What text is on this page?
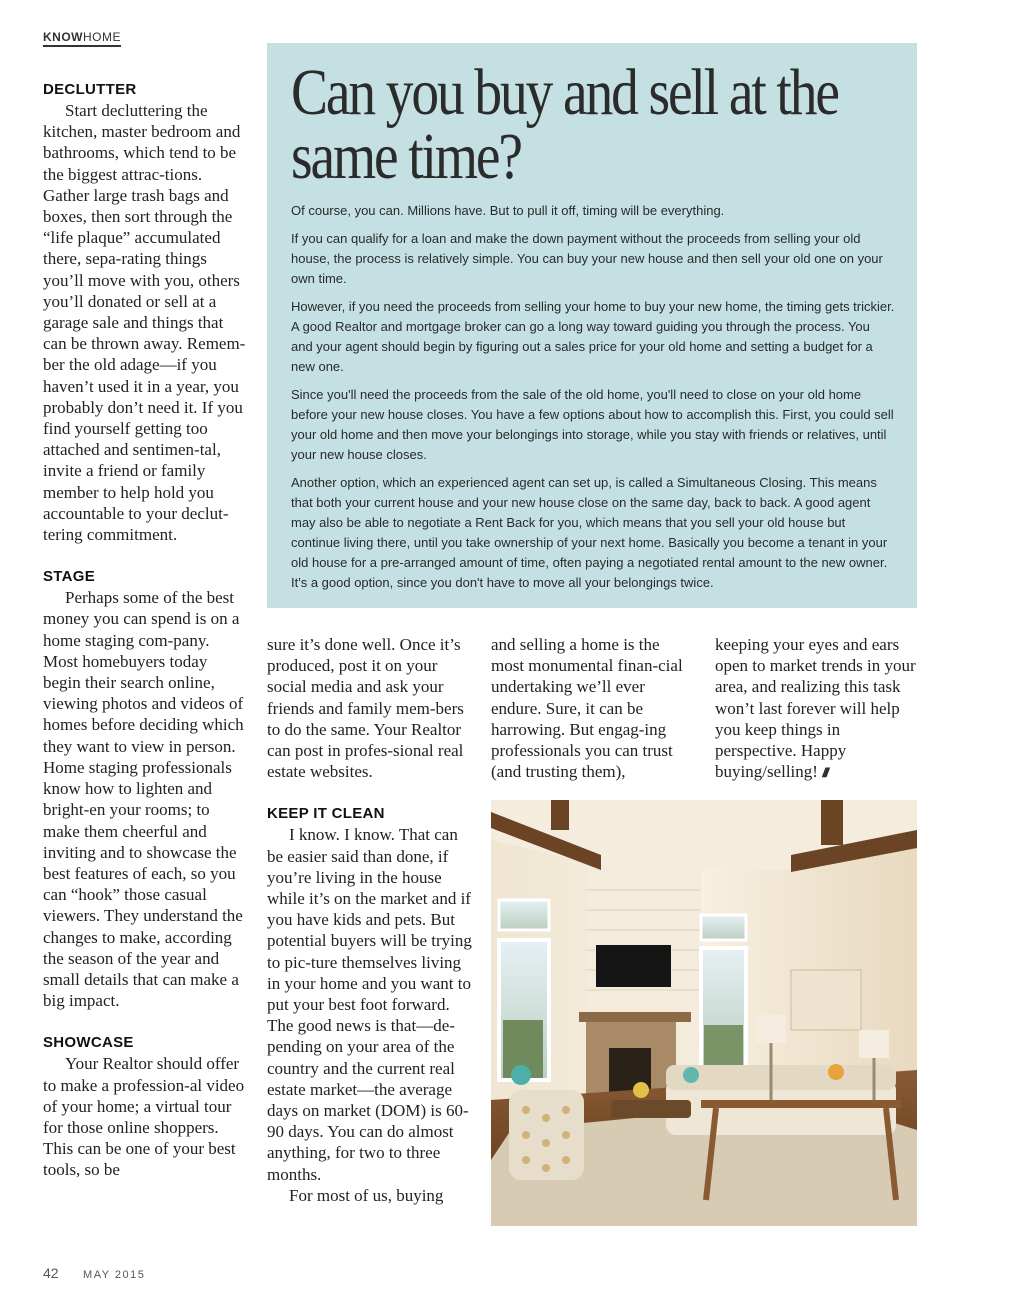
KNOWHOME
DECLUTTER

Start decluttering the kitchen, master bedroom and bathrooms, which tend to be the biggest attrac-tions. Gather large trash bags and boxes, then sort through the “life plaque” accumulated there, sepa-rating things you’ll move with you, others you’ll donated or sell at a garage sale and things that can be thrown away. Remem-ber the old adage—if you haven’t used it in a year, you probably don’t need it. If you find yourself getting too attached and sentimen-tal, invite a friend or family member to help hold you accountable to your declut-tering commitment.

STAGE

Perhaps some of the best money you can spend is on a home staging com-pany. Most homebuyers today begin their search online, viewing photos and videos of homes before deciding which they want to view in person. Home staging professionals know how to lighten and bright-en your rooms; to make them cheerful and inviting and to showcase the best features of each, so you can “hook” those casual viewers. They understand the changes to make, according the season of the year and small details that can make a big impact.

SHOWCASE

Your Realtor should offer to make a profession-al video of your home; a virtual tour for those online shoppers. This can be one of your best tools, so be

Can you buy and sell at the same time?

Of course, you can. Millions have. But to pull it off, timing will be everything.

If you can qualify for a loan and make the down payment without the proceeds from selling your old house, the process is relatively simple. You can buy your new house and then sell your old one on your own time.

However, if you need the proceeds from selling your home to buy your new home, the timing gets trickier. A good Realtor and mortgage broker can go a long way toward guiding you through the process. You and your agent should begin by figuring out a sales price for your old home and setting a budget for a new one.

Since you'll need the proceeds from the sale of the old home, you'll need to close on your old home before your new house closes. You have a few options about how to accomplish this. First, you could sell your old home and then move your belongings into storage, while you stay with friends or relatives, until your new house closes.

Another option, which an experienced agent can set up, is called a Simultaneous Closing. This means that both your current house and your new house close on the same day, back to back. A good agent may also be able to negotiate a Rent Back for you, which means that you sell your old house but continue living there, until you take ownership of your next home. Basically you become a tenant in your old house for a pre-arranged amount of time, often paying a negotiated rental amount to the new owner. It's a good option, since you don't have to move all your belongings twice.

sure it’s done well. Once it’s produced, post it on your social media and ask your friends and family mem-bers to do the same. Your Realtor can post in profes-sional real estate websites.

KEEP IT CLEAN

I know. I know. That can be easier said than done, if you’re living in the house while it’s on the market and if you have kids and pets. But potential buyers will be trying to pic-ture themselves living in your home and you want to put your best foot forward. The good news is that—de-pending on your area of the country and the current real estate market—the average days on market (DOM) is 60-90 days. You can do almost anything, for two to three months.

For most of us, buying

and selling a home is the most monumental finan-cial undertaking we’ll ever endure. Sure, it can be harrowing. But engag-ing professionals you can trust (and trusting them),

keeping your eyes and ears open to market trends in your area, and realizing this task won’t last forever will help you keep things in perspective. Happy buying/selling! ///

42 MAY 2015
